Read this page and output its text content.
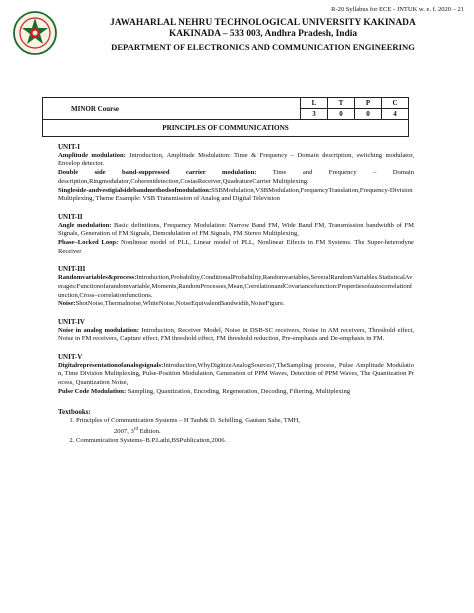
R-20 Syllabus for ECE - JNTUK w. e. f. 2020 – 21
JAWAHARLAL NEHRU TECHNOLOGICAL UNIVERSITY KAKINADA
KAKINADA – 533 003, Andhra Pradesh, India
DEPARTMENT OF ELECTRONICS AND COMMUNICATION ENGINEERING
MINOR Course	L	T	P	C
	3	0	0	4
PRINCIPLES OF COMMUNICATIONS				
UNIT-I
Amplitude modulation: Introduction, Amplitude Modulation: Time & Frequency – Domain description, switching modulator, Envelop detector.
Double side band-suppressed carrier modulation: Time and Frequency – Domain description,Ringmodulator,Coherentdetection,CostasReceiver,QuadratureCarrier Multiplexing.
Singleside-andvestigialsidebandmethodsofmodulation:SSBModulation,VSBModulation,FrequencyTranslation,Frequency-Division Multiplexing, Theme Example: VSB Transmission of Analog and Digital Television
UNIT-II
Angle modulation: Basic definitions, Frequency Modulation: Narrow Band FM, Wide Band FM, Transmission bandwidth of FM Signals, Generation of FM Signals, Demodulation of FM Signals, FM Stereo Multiplexing,
Phase–Locked Loop: Nonlinear model of PLL, Linear model of PLL, Nonlinear Effects in FM Systems. The Super-heterodyne Receiver
UNIT-III
Randomvariables&process:Introduction,Probability,ConditionalProbability,Randomvariables,SeveralRandomVariables.StatisticalAverages:Functionofarandomvariable,Moments,RandomProcesses,Mean,CorrelationandCovariancefunction:Propertiesofautocorrelationfunction,Cross–correlationfunctions.
Noise:ShotNoise,Thermalnoise,WhiteNoise,NoiseEquivalentBandwidth,NoiseFigure.
UNIT-IV
Noise in analog modulation: Introduction, Receiver Model, Noise in DSB-SC receivers, Noise in AM receivers, Threshold effect, Noise in FM receivers, Capture effect, FM threshold effect, FM threshold reduction, Pre-emphasis and De-emphasis in FM.
UNIT-V
Digitalrepresentationofanalogsignals:Introduction,WhyDigitizeAnalogSources?,TheSampling process, Pulse Amplitude Modulation, Time Division Multiplexing, Pulse-Position Modulation, Generation of PPM Waves, Detection of PPM Waves, The Quantization Process, Quantization Noise,
Pulse Code Modulation: Sampling, Quantization, Encoding, Regeneration, Decoding, Filtering, Multiplexing
Textbooks:
1. Principles of Communication Systems – H Taub& D. Schilling, Gautam Sahe, TMH,
2007, 3rd Edition.
2. Communication Systems–B.P.Lathi,BSPublication,2006.
